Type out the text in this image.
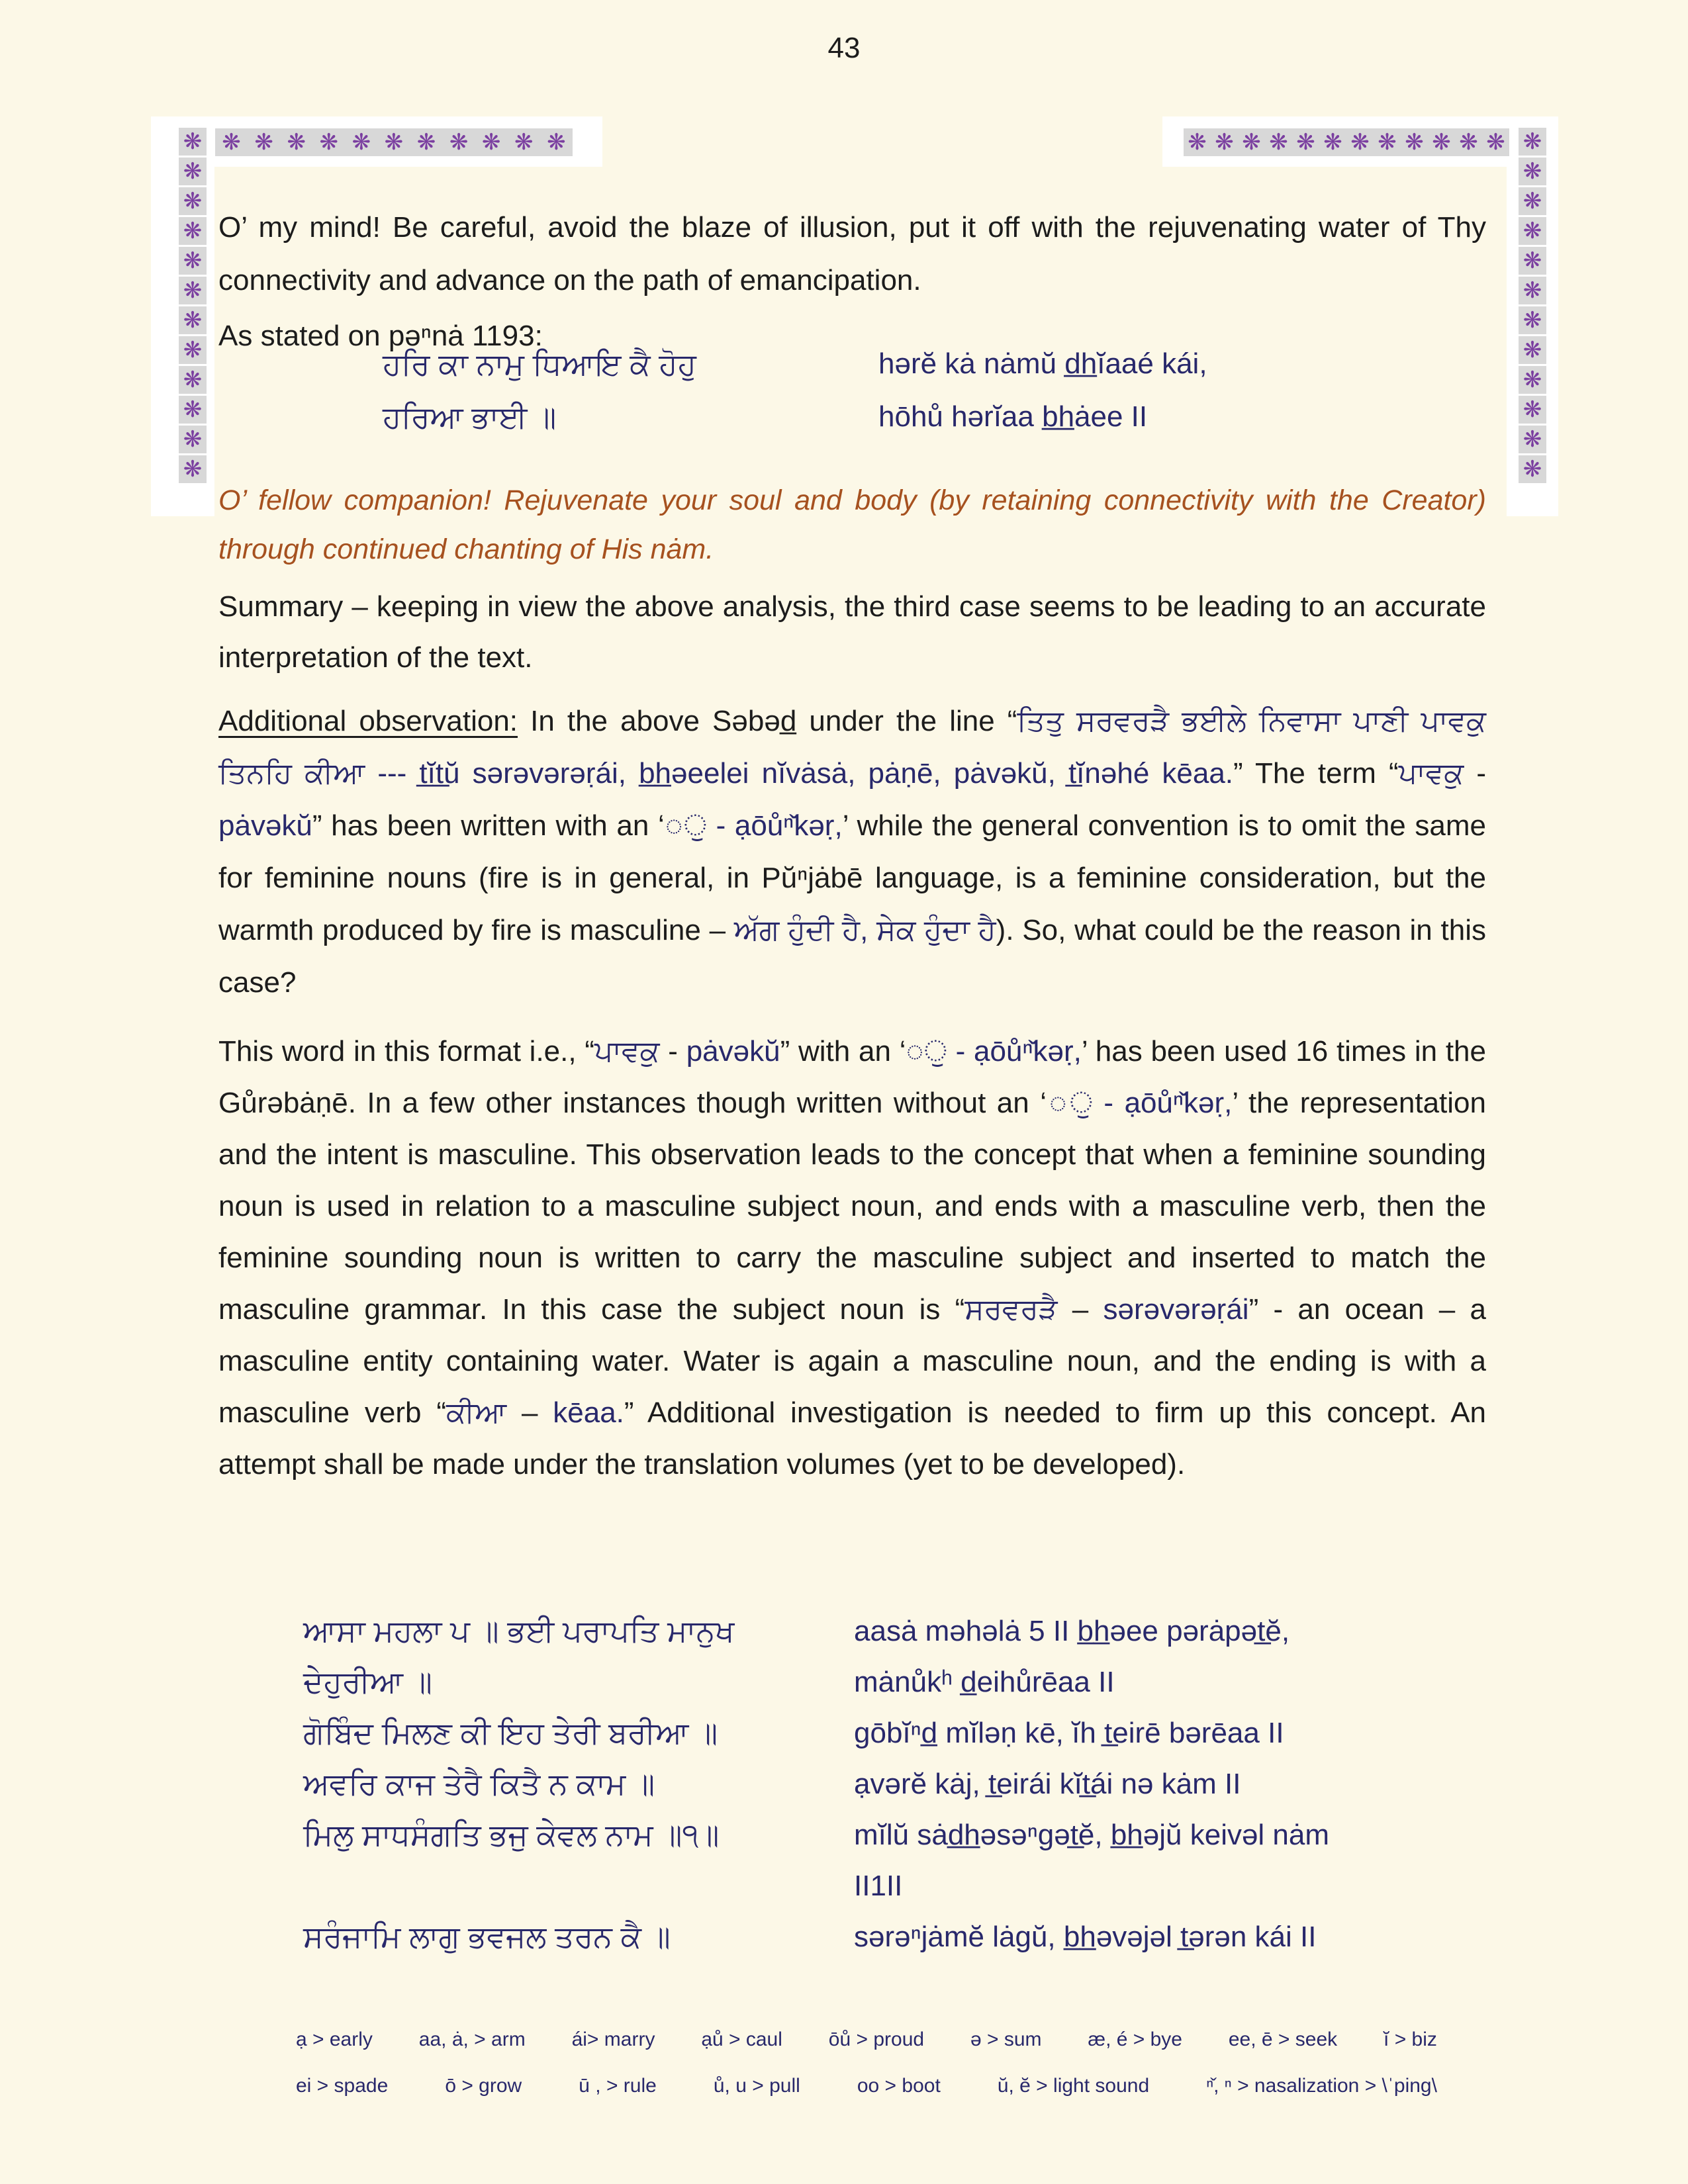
43
❋
❋
❋
❋
❋
❋
❋
❋
❋
❋
❋
❋
❋ ❋ ❋ ❋ ❋ ❋ ❋ ❋ ❋ ❋ ❋	❋ ❋ ❋ ❋ ❋ ❋ ❋ ❋ ❋ ❋ ❋ ❋ ❋
❋
❋
❋
❋
❋
❋
❋
❋
❋
❋
❋

O’ my mind! Be careful, avoid the blaze of illusion, put it off with the rejuvenating water of Thy connectivity and advance on the path of emancipation.

As stated on pəⁿnȧ 1193:

ਹਰਿ ਕਾ ਨਾਮੁ ਧਿਆਇ ਕੈ ਹੋਹੁ	hərĕ kȧ nȧmŭ d̲h̲ĭaaé kái,
ਹਰਿਆ ਭਾਈ ॥	hōhů hərĭaa b̲h̲ȧee II

O’ fellow companion! Rejuvenate your soul and body (by retaining connectivity with the Creator) through continued chanting of His nȧm.

Summary – keeping in view the above analysis, the third case seems to be leading to an accurate interpretation of the text.

Additional observation: In the above Səbəd̲ under the line “ਤਿਤੁ ਸਰਵਰੜੈ ਭਈਲੇ ਨਿਵਾਸਾ ਪਾਣੀ ਪਾਵਕੁ ਤਿਨਹਿ ਕੀਆ --- t̲ĭt̲ŭ sərəvərəṛái, b̲h̲əeelei nĭvȧsȧ, pȧṇē, pȧvəkŭ, t̲ĭnəhé kēaa.” The term “ਪਾਵਕੁ - pȧvəkŭ” has been written with an ‘◌ੁ - ạōůⁿ̌kəṛ,’ while the general convention is to omit the same for feminine nouns (fire is in general, in Pŭⁿjȧbē language, is a feminine consideration, but the warmth produced by fire is masculine – ਅੱਗ ਹੁੰਦੀ ਹੈ, ਸੇਕ ਹੁੰਦਾ ਹੈ). So, what could be the reason in this case?

This word in this format i.e., “ਪਾਵਕੁ - pȧvəkŭ” with an ‘◌ੁ - ạōůⁿ̌kəṛ,’ has been used 16 times in the Gůrəbȧṇē. In a few other instances though written without an ‘◌ੁ - ạōůⁿ̌kəṛ,’ the representation and the intent is masculine. This observation leads to the concept that when a feminine sounding noun is used in relation to a masculine subject noun, and ends with a masculine verb, then the feminine sounding noun is written to carry the masculine subject and inserted to match the masculine grammar. In this case the subject noun is “ਸਰਵਰੜੈ – sərəvərəṛái” - an ocean – a masculine entity containing water. Water is again a masculine noun, and the ending is with a masculine verb “ਕੀਆ – kēaa.” Additional investigation is needed to firm up this concept. An attempt shall be made under the translation volumes (yet to be developed).

ਆਸਾ ਮਹਲਾ ਪ ॥ ਭਈ ਪਰਾਪਤਿ ਮਾਨੁਖ	aasȧ məhəlȧ 5 II b̲h̲əee pərȧpət̲ĕ,
ਦੇਹੁਰੀਆ ॥	mȧnůkʰ d̲eihůrēaa II
ਗੋਬਿੰਦ ਮਿਲਣ ਕੀ ਇਹ ਤੇਰੀ ਬਰੀਆ ॥	gōbĭⁿd̲ mĭləṇ kē, ĭh t̲eirē bərēaa II
ਅਵਰਿ ਕਾਜ ਤੇਰੈ ਕਿਤੈ ਨ ਕਾਮ ॥	ạvərĕ kȧj, t̲eirái kĭt̲ái nə kȧm II
ਮਿਲੁ ਸਾਧਸੰਗਤਿ ਭਜੁ ਕੇਵਲ ਨਾਮ ॥੧॥	mĭlŭ sȧd̲h̲əsəⁿgət̲ĕ, b̲h̲əjŭ keivəl nȧm
II1II
ਸਰੰਜਾਮਿ ਲਾਗੁ ਭਵਜਲ ਤਰਨ ਕੈ ॥	sərəⁿjȧmĕ lȧgŭ, b̲h̲əvəjəl t̲ərən kái II
ạ > early aa, ȧ, > arm ái> marry ạů > caul ōů > proud ə > sum æ, é > bye ee, ē > seek ĭ > biz
ei > spade	ō > grow	ū , > rule	ů, u > pull	oo > boot	ŭ, ĕ > light sound	ⁿ̌, ⁿ > nasalization > \ˈping\
